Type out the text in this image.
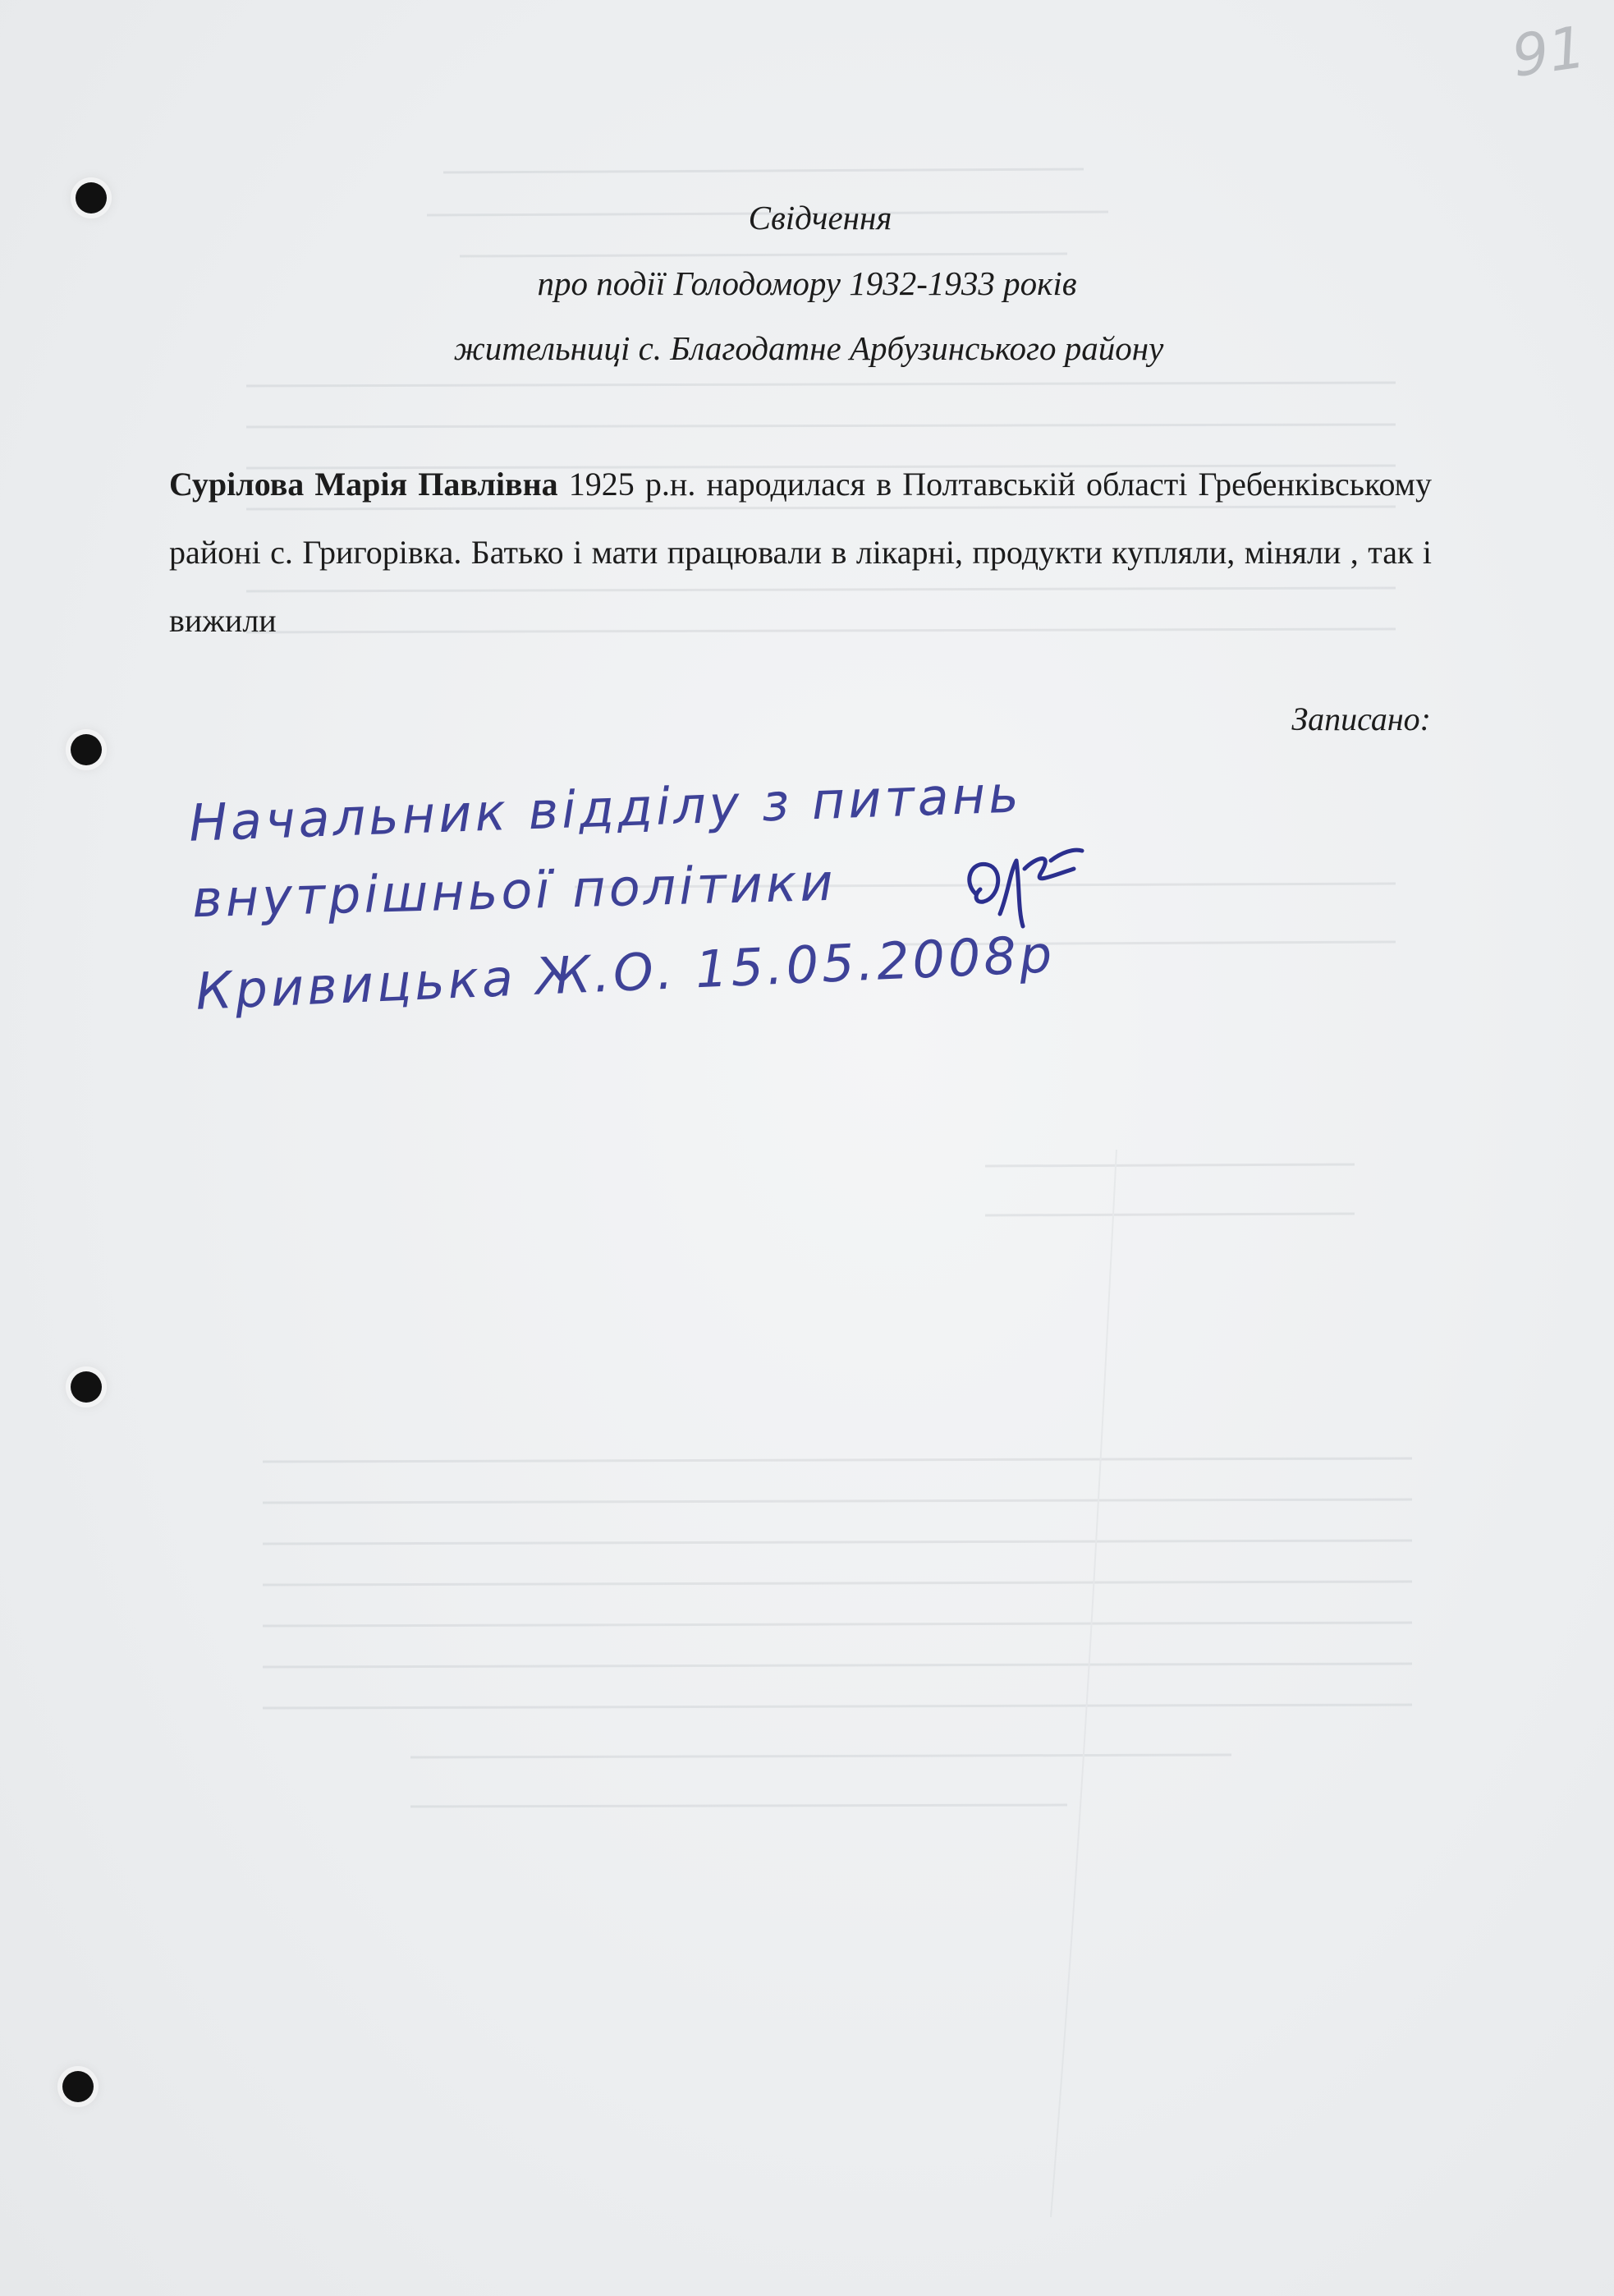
91
Свідчення
про події Голодомору 1932-1933 років
жительниці с. Благодатне Арбузинського району
Сурілова Марія Павлівна 1925 р.н. народилася в Полтавській області Гребенківському районі с. Григорівка. Батько і мати працювали в лікарні, продукти купляли, міняли , так і вижили
Записано:
Начальник відділу з питань
внутрішньої політики
Кривицька Ж.О. 15.05.2008р
